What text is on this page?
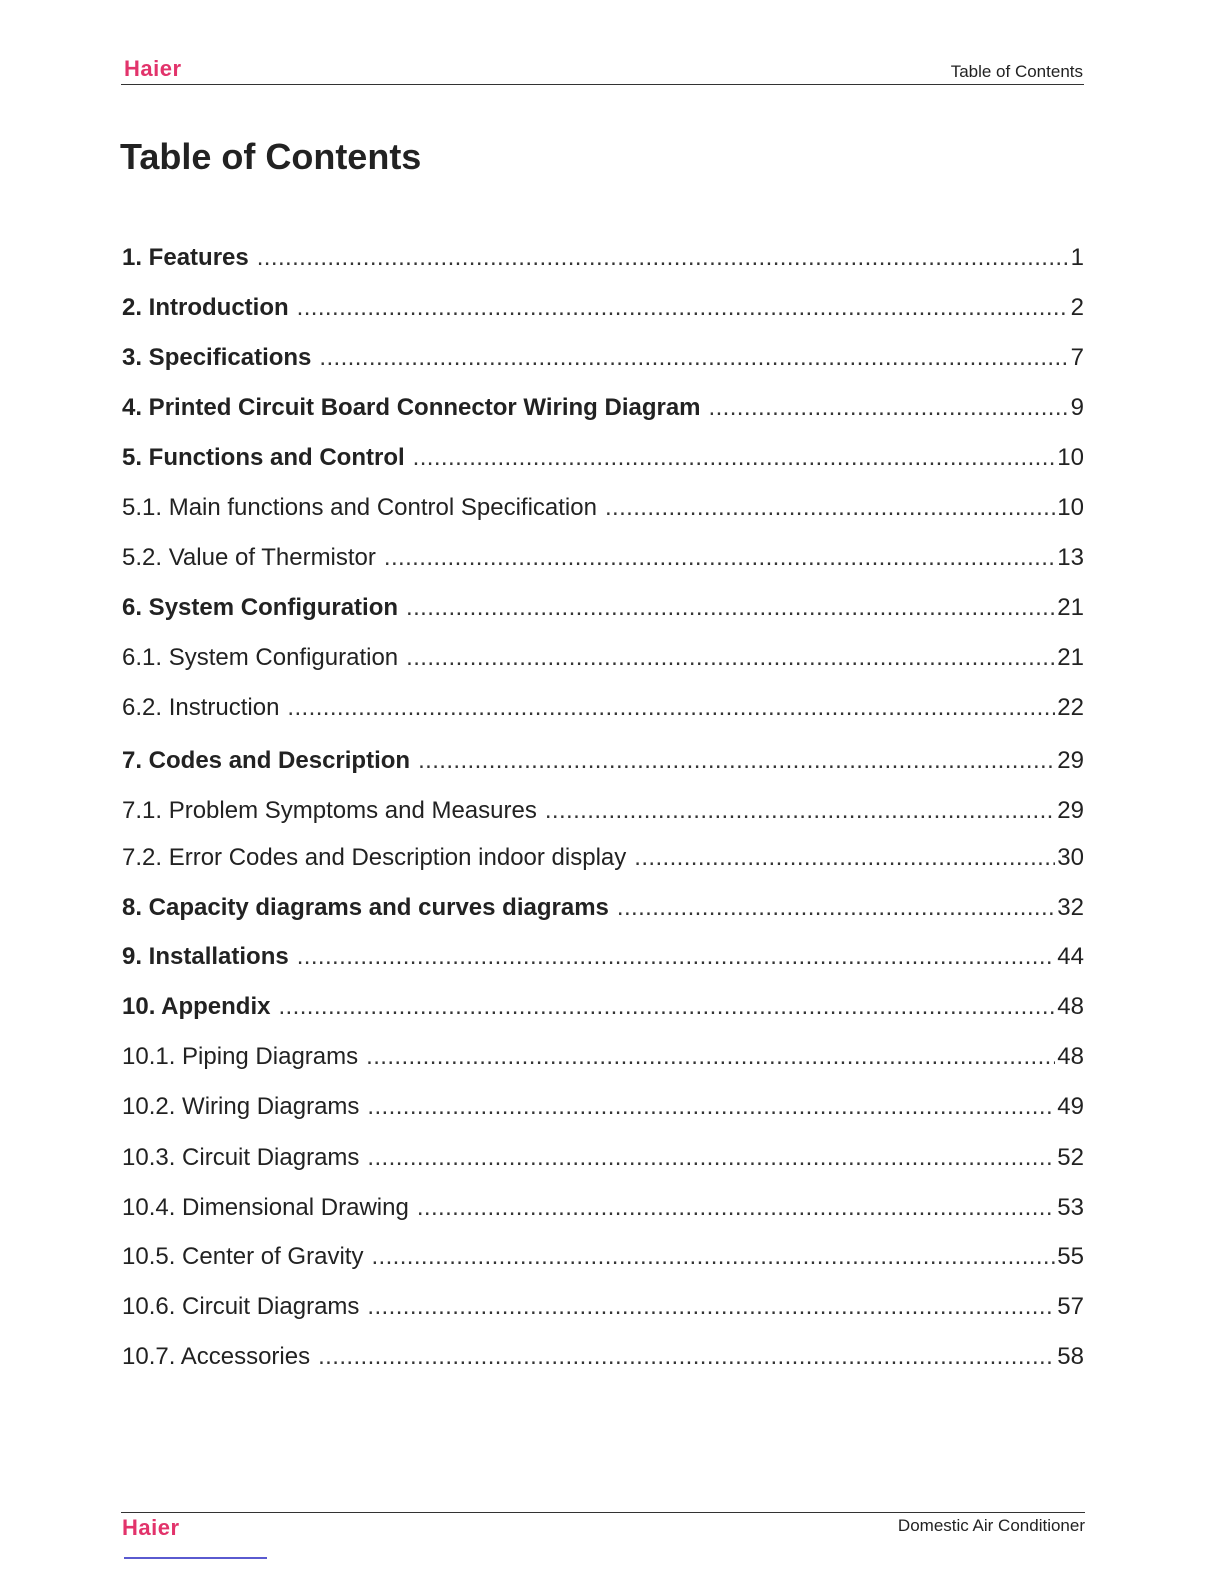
Haier	Table of Contents
Table of Contents
1. Features .....	1
2. Introduction .....	2
3. Specifications .....	7
4. Printed Circuit Board Connector Wiring Diagram .....	9
5. Functions and Control .....	10
5.1. Main functions and Control Specification .....	10
5.2. Value of Thermistor .....	13
6. System Configuration .....	21
6.1. System Configuration .....	21
6.2. Instruction .....	22
7. Codes and Description .....	29
7.1. Problem Symptoms and Measures .....	29
7.2. Error Codes and Description indoor display .....	30
8. Capacity diagrams and curves diagrams .....	32
9. Installations .....	44
10. Appendix .....	48
10.1. Piping Diagrams .....	48
10.2. Wiring Diagrams .....	49
10.3. Circuit Diagrams .....	52
10.4. Dimensional Drawing .....	53
10.5. Center of Gravity .....	55
10.6. Circuit Diagrams .....	57
10.7. Accessories .....	58
Haier	Domestic Air Conditioner
